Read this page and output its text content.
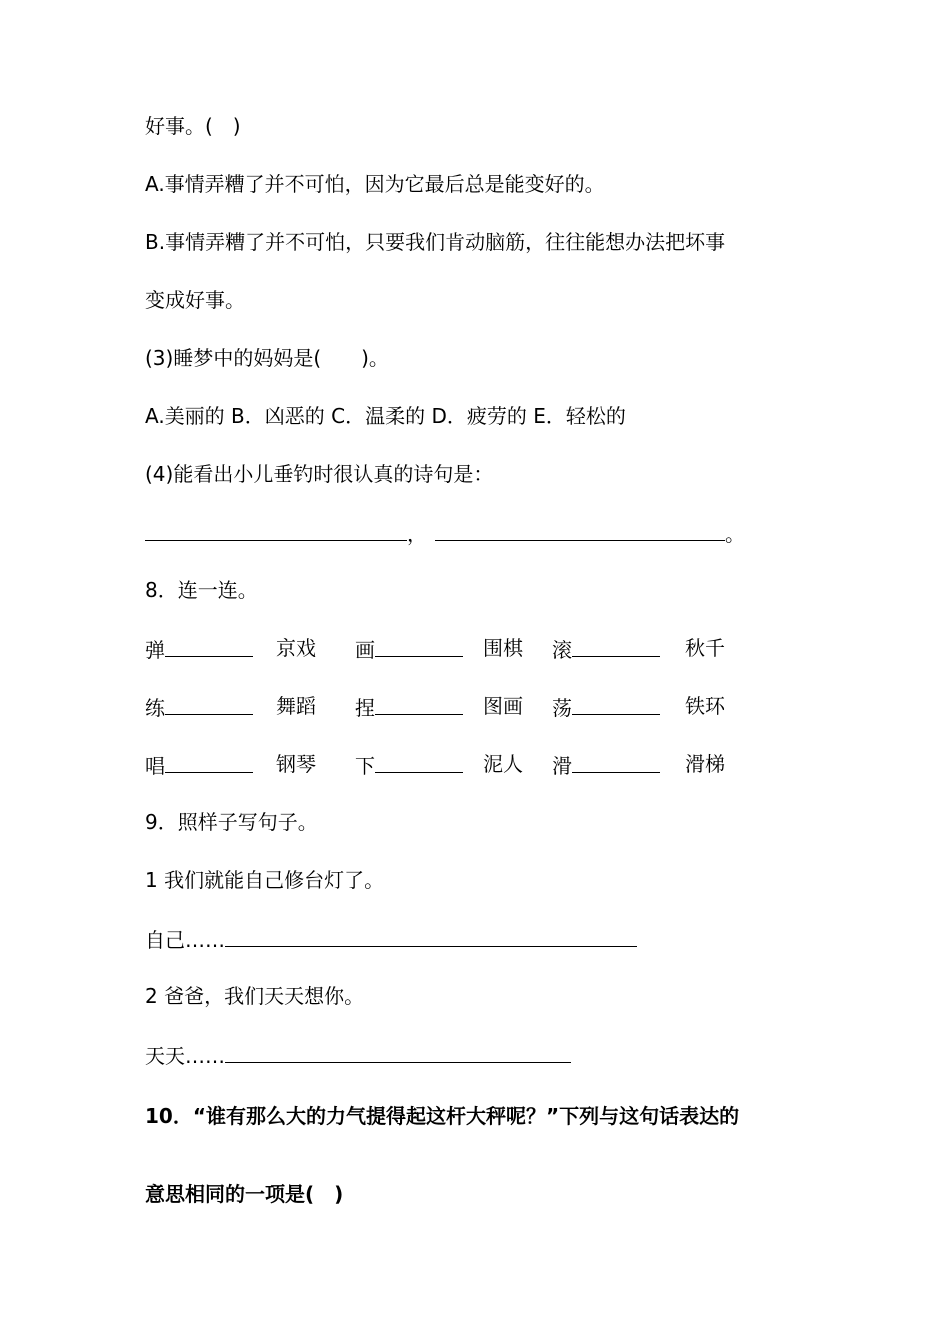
好事。(　)
A.事情弄糟了并不可怕，因为它最后总是能变好的。
B.事情弄糟了并不可怕，只要我们肯动脑筋，往往能想办法把坏事
变成好事。
(3)睡梦中的妈妈是(　　)。
A.美丽的 B．凶恶的 C．温柔的 D．疲劳的 E．轻松的
(4)能看出小儿垂钓时很认真的诗句是：
，	。
8．连一连。
弹	京戏 画	围棋 滚	秋千
练	舞蹈 捏	图画 荡	铁环
唱	钢琴 下	泥人 滑	滑梯
9．照样子写句子。
1 我们就能自己修台灯了。
自己……
2 爸爸，我们天天想你。
天天……
10．“谁有那么大的力气提得起这杆大秤呢？”下列与这句话表达的
意思相同的一项是(　)
